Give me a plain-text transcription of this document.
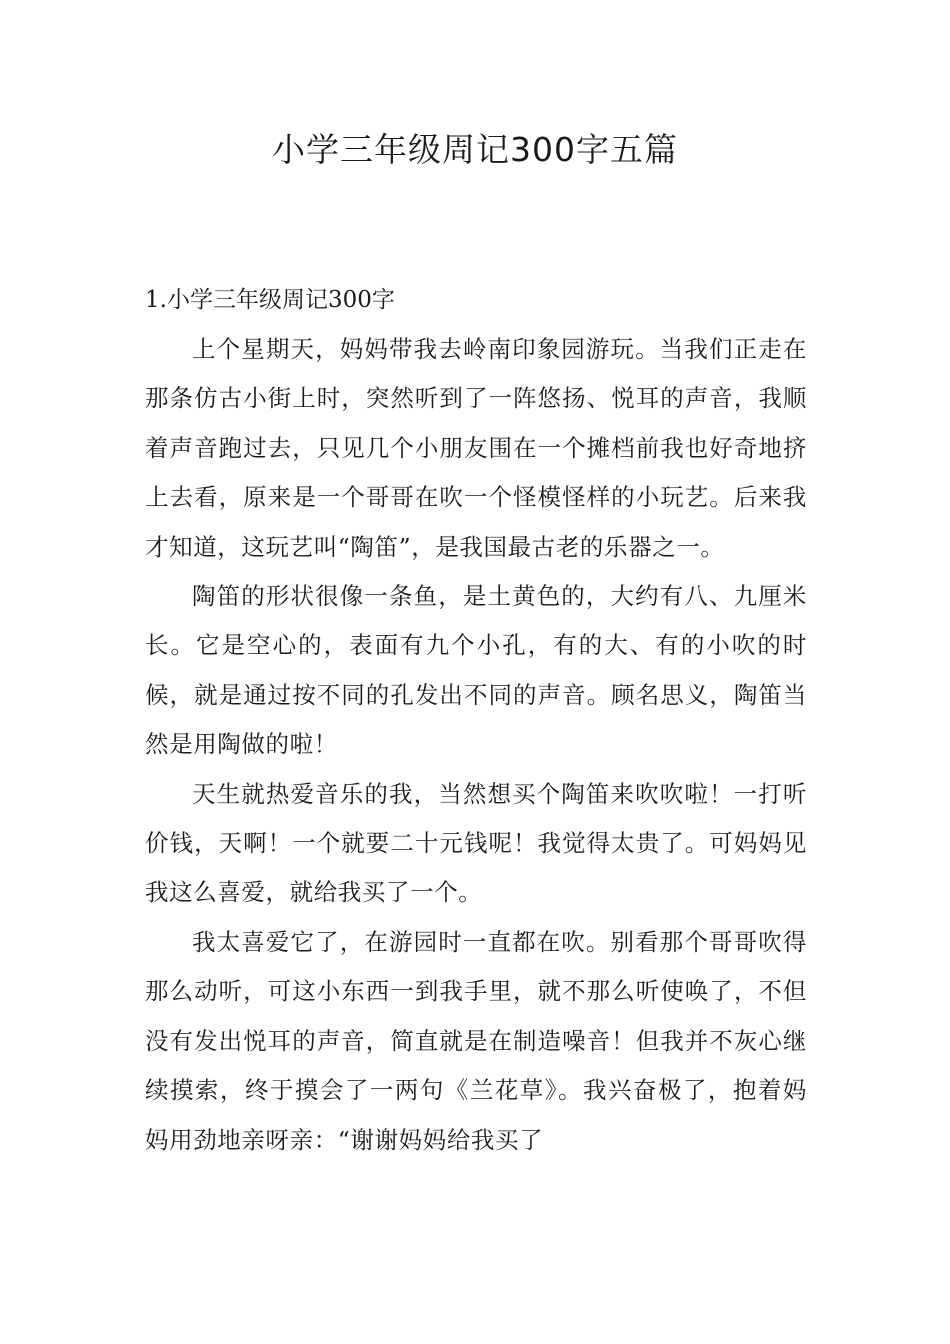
小学三年级周记300字五篇

1.小学三年级周记300字

上个星期天，妈妈带我去岭南印象园游玩。当我们正走在那条仿古小街上时，突然听到了一阵悠扬、悦耳的声音，我顺着声音跑过去，只见几个小朋友围在一个摊档前我也好奇地挤上去看，原来是一个哥哥在吹一个怪模怪样的小玩艺。后来我才知道，这玩艺叫“陶笛”，是我国最古老的乐器之一。

陶笛的形状很像一条鱼，是土黄色的，大约有八、九厘米长。它是空心的，表面有九个小孔，有的大、有的小吹的时候，就是通过按不同的孔发出不同的声音。顾名思义，陶笛当然是用陶做的啦！

天生就热爱音乐的我，当然想买个陶笛来吹吹啦！一打听价钱，天啊！一个就要二十元钱呢！我觉得太贵了。可妈妈见我这么喜爱，就给我买了一个。

我太喜爱它了，在游园时一直都在吹。别看那个哥哥吹得那么动听，可这小东西一到我手里，就不那么听使唤了，不但没有发出悦耳的声音，简直就是在制造噪音！但我并不灰心继续摸索，终于摸会了一两句《兰花草》。我兴奋极了，抱着妈妈用劲地亲呀亲：“谢谢妈妈给我买了
